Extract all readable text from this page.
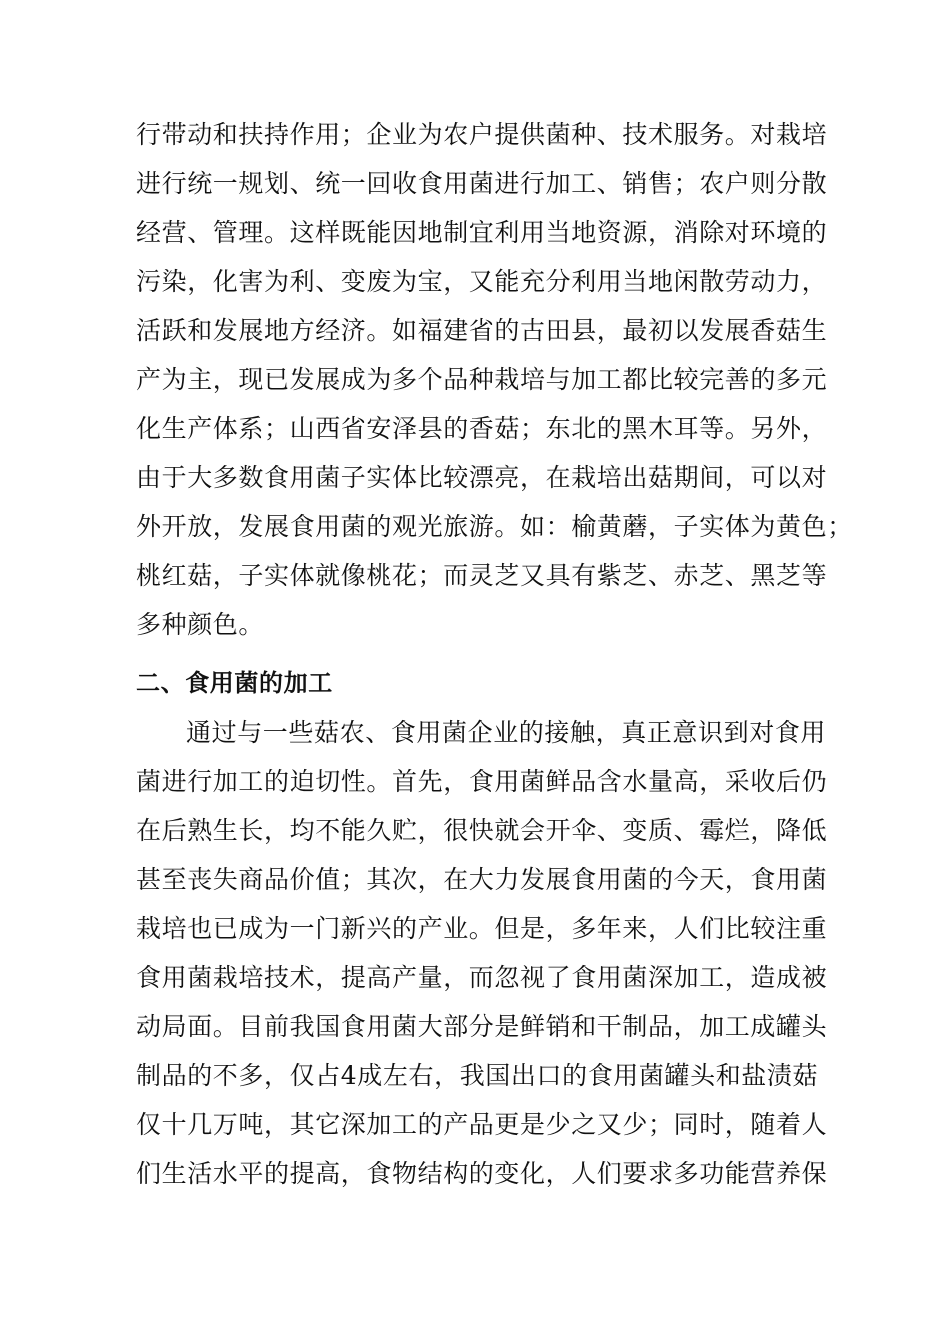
行带动和扶持作用；企业为农户提供菌种、技术服务。对栽培
进行统一规划、统一回收食用菌进行加工、销售；农户则分散
经营、管理。这样既能因地制宜利用当地资源，消除对环境的
污染，化害为利、变废为宝，又能充分利用当地闲散劳动力，
活跃和发展地方经济。如福建省的古田县，最初以发展香菇生
产为主，现已发展成为多个品种栽培与加工都比较完善的多元
化生产体系；山西省安泽县的香菇；东北的黑木耳等。另外，
由于大多数食用菌子实体比较漂亮，在栽培出菇期间，可以对
外开放，发展食用菌的观光旅游。如：榆黄蘑，子实体为黄色；
桃红菇，子实体就像桃花；而灵芝又具有紫芝、赤芝、黑芝等
多种颜色。
二、食用菌的加工
通过与一些菇农、食用菌企业的接触，真正意识到对食用
菌进行加工的迫切性。首先，食用菌鲜品含水量高，采收后仍
在后熟生长，均不能久贮，很快就会开伞、变质、霉烂，降低
甚至丧失商品价值；其次，在大力发展食用菌的今天，食用菌
栽培也已成为一门新兴的产业。但是，多年来，人们比较注重
食用菌栽培技术，提高产量，而忽视了食用菌深加工，造成被
动局面。目前我国食用菌大部分是鲜销和干制品，加工成罐头
制品的不多，仅占4成左右，我国出口的食用菌罐头和盐渍菇
仅十几万吨，其它深加工的产品更是少之又少；同时，随着人
们生活水平的提高，食物结构的变化，人们要求多功能营养保
